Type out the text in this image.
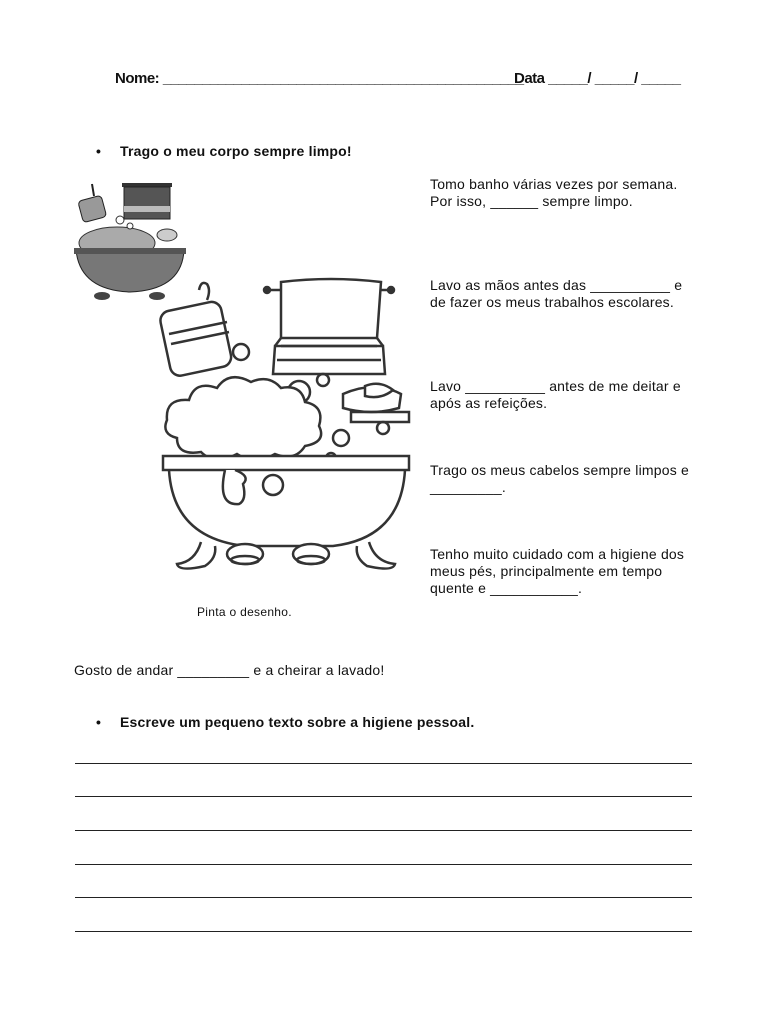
Nome: ______________________________________________
Data _____/ _____/ _____
• Trago o meu corpo sempre limpo!
Pinta o desenho.
Tomo banho várias vezes por semana. Por isso, ______ sempre limpo.
Lavo as mãos antes das __________ e de fazer os meus trabalhos escolares.
Lavo __________ antes de me deitar e após as refeições.
Trago os meus cabelos sempre limpos e _________.
Tenho muito cuidado com a higiene dos meus pés, principalmente em tempo quente e ___________.
Gosto de andar _________ e a cheirar a lavado!
• Escreve um pequeno texto sobre a higiene pessoal.
